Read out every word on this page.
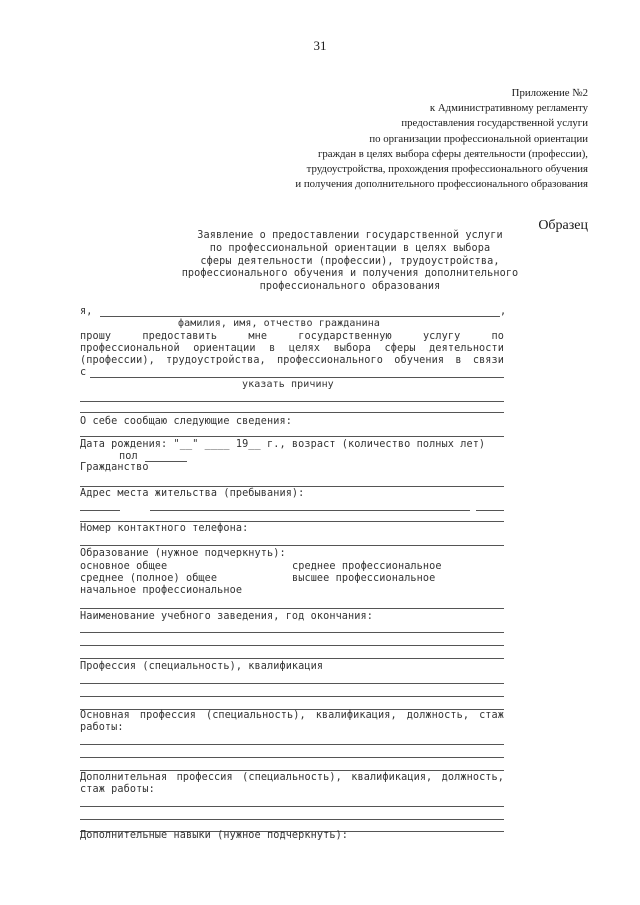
31
Приложение №2
к Административному регламенту
предоставления государственной услуги
по организации профессиональной ориентации
граждан в целях выбора сферы деятельности (профессии),
трудоустройства, прохождения профессионального обучения
и получения дополнительного профессионального образования
Образец
Заявление о предоставлении государственной услуги
по профессиональной ориентации в целях выбора
сферы деятельности (профессии), трудоустройства,
профессионального обучения и получения дополнительного
профессионального образования
я,	,
фамилия, имя, отчество гражданина
прошу предоставить мне государственную услугу по
профессиональной ориентации в целях выбора сферы деятельности
(профессии), трудоустройства, профессионального обучения в связи
с
указать причину
О себе сообщаю следующие сведения:
Дата рождения: "__" ____ 19__ г., возраст (количество полных лет)
пол
Гражданство
Адрес места жительства (пребывания):
Номер контактного телефона:
Образование (нужное подчеркнуть):
основное общее
среднее (полное) общее
начальное профессиональное
среднее профессиональное
высшее профессиональное
Наименование учебного заведения, год окончания:
Профессия (специальность), квалификация
Основная профессия (специальность), квалификация, должность, стаж
работы:
Дополнительная профессия (специальность), квалификация, должность,
стаж работы:
Дополнительные навыки (нужное подчеркнуть):
